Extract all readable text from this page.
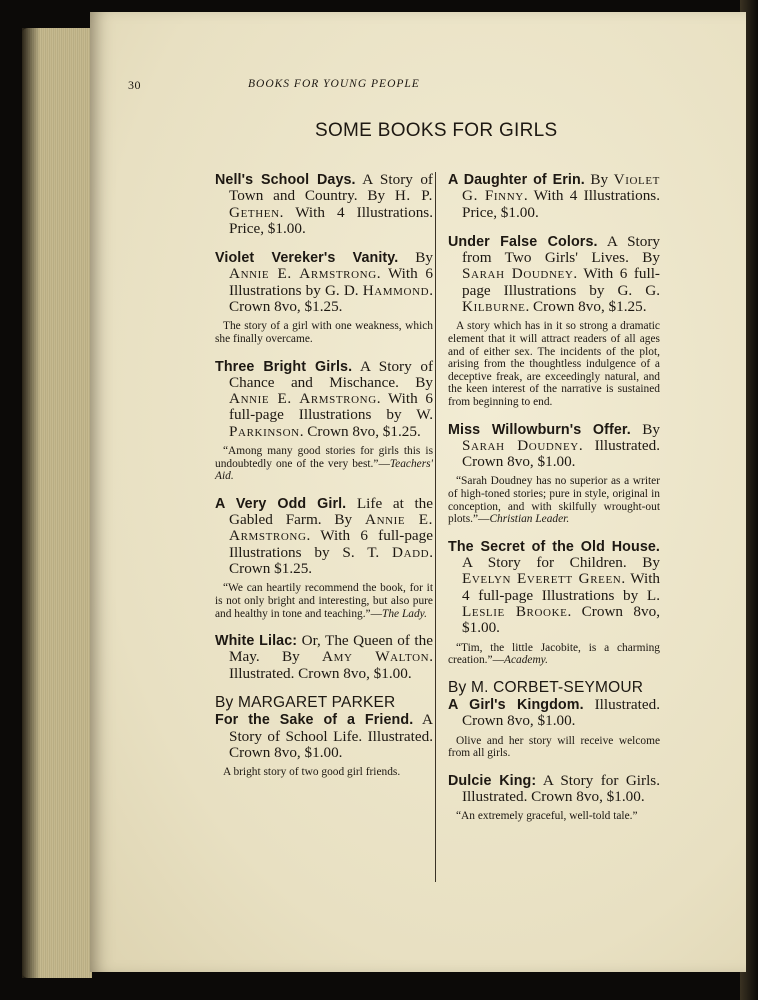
30	BOOKS FOR YOUNG PEOPLE
SOME BOOKS FOR GIRLS
Nell's School Days. A Story of Town and Country. By H. P. Gethen. With 4 Illustrations. Price, $1.00.
Violet Vereker's Vanity. By Annie E. Armstrong. With 6 Illustrations by G. D. Hammond. Crown 8vo, $1.25.
The story of a girl with one weakness, which she finally overcame.
Three Bright Girls. A Story of Chance and Mischance. By Annie E. Armstrong. With 6 full-page Illustrations by W. Parkinson. Crown 8vo, $1.25.
“Among many good stories for girls this is undoubtedly one of the very best.”—Teachers' Aid.
A Very Odd Girl. Life at the Gabled Farm. By Annie E. Armstrong. With 6 full-page Illustrations by S. T. Dadd. Crown $1.25.
“We can heartily recommend the book, for it is not only bright and interesting, but also pure and healthy in tone and teaching.”—The Lady.
White Lilac: Or, The Queen of the May. By Amy Walton. Illustrated. Crown 8vo, $1.00.
By MARGARET PARKER
For the Sake of a Friend. A Story of School Life. Illustrated. Crown 8vo, $1.00.
A bright story of two good girl friends.
A Daughter of Erin. By Violet G. Finny. With 4 Illustrations. Price, $1.00.
Under False Colors. A Story from Two Girls' Lives. By Sarah Doudney. With 6 full-page Illustrations by G. G. Kilburne. Crown 8vo, $1.25.
A story which has in it so strong a dramatic element that it will attract readers of all ages and of either sex. The incidents of the plot, arising from the thoughtless indulgence of a deceptive freak, are exceedingly natural, and the keen interest of the narrative is sustained from beginning to end.
Miss Willowburn's Offer. By Sarah Doudney. Illustrated. Crown 8vo, $1.00.
“Sarah Doudney has no superior as a writer of high-toned stories; pure in style, original in conception, and with skilfully wrought-out plots.”—Christian Leader.
The Secret of the Old House. A Story for Children. By Evelyn Everett Green. With 4 full-page Illustrations by L. Leslie Brooke. Crown 8vo, $1.00.
“Tim, the little Jacobite, is a charming creation.”—Academy.
By M. CORBET-SEYMOUR
A Girl's Kingdom. Illustrated. Crown 8vo, $1.00.
Olive and her story will receive welcome from all girls.
Dulcie King: A Story for Girls. Illustrated. Crown 8vo, $1.00.
“An extremely graceful, well-told tale.”
